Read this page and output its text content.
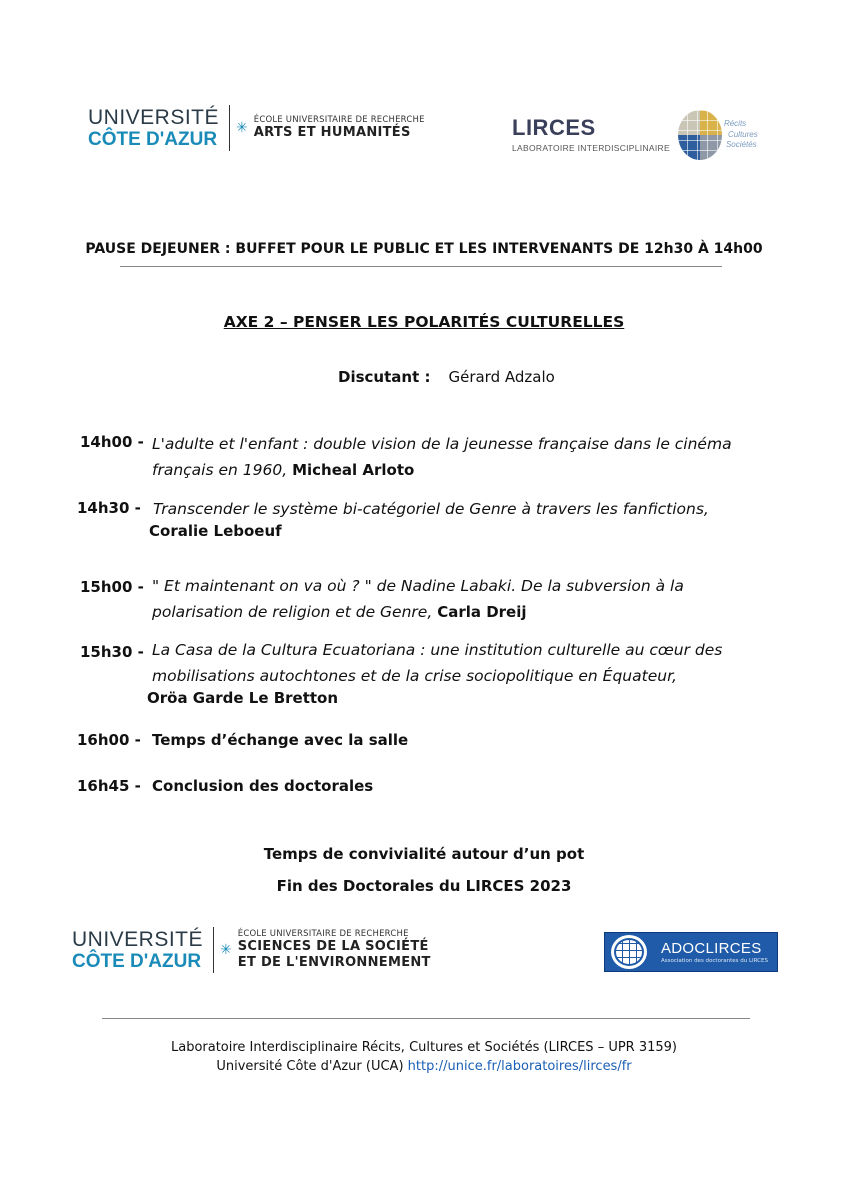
UNIVERSITÉ
CÔTE D'AZUR
✳
ÉCOLE UNIVERSITAIRE DE RECHERCHE
ARTS ET HUMANITÉS	LIRCES
LABORATOIRE INTERDISCIPLINAIRE
Récits
Cultures
Sociétés
PAUSE DEJEUNER : BUFFET POUR LE PUBLIC ET LES INTERVENANTS DE 12h30 À 14h00
AXE 2 – PENSER LES POLARITÉS CULTURELLES
Discutant : Gérard Adzalo
14h00 - L'adulte et l'enfant : double vision de la jeunesse française dans le cinéma
français en 1960, Micheal Arloto
14h30 - Transcender le système bi-catégoriel de Genre à travers les fanfictions,
Coralie Leboeuf
15h00 - " Et maintenant on va où ? " de Nadine Labaki. De la subversion à la
polarisation de religion et de Genre, Carla Dreij
15h30 - La Casa de la Cultura Ecuatoriana : une institution culturelle au cœur des
mobilisations autochtones et de la crise sociopolitique en Équateur,
Oröa Garde Le Bretton
16h00 - Temps d’échange avec la salle
16h45 - Conclusion des doctorales
Temps de convivialité autour d’un pot
Fin des Doctorales du LIRCES 2023
UNIVERSITÉ
CÔTE D'AZUR
✳
ÉCOLE UNIVERSITAIRE DE RECHERCHE
SCIENCES DE LA SOCIÉTÉ
ET DE L'ENVIRONNEMENT
ADOCLIRCES
Association des doctorantes du LIRCES
Laboratoire Interdisciplinaire Récits, Cultures et Sociétés (LIRCES – UPR 3159)
Université Côte d'Azur (UCA) http://unice.fr/laboratoires/lirces/fr
